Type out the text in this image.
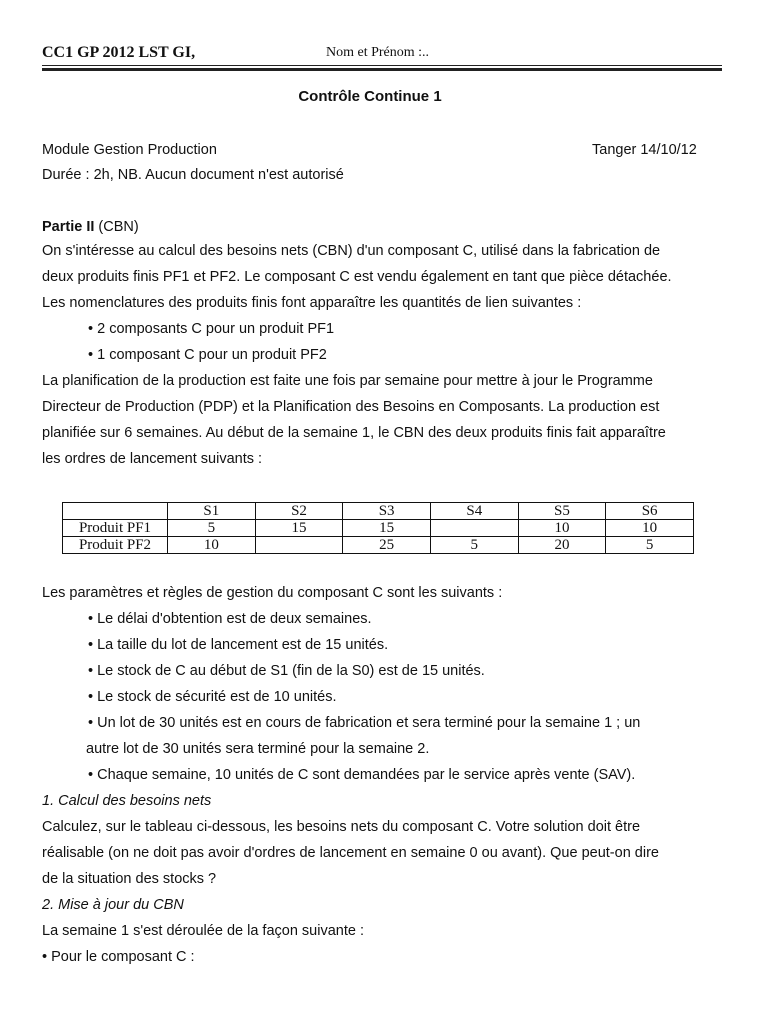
CC1 GP 2012 LST GI,	Nom et Prénom :..
Contrôle Continue 1
Module Gestion Production	Tanger 14/10/12
Durée : 2h, NB. Aucun document n'est autorisé
Partie II (CBN)

On s'intéresse au calcul des besoins nets (CBN) d'un composant C, utilisé dans la fabrication de

deux produits finis PF1 et PF2. Le composant C est vendu également en tant que pièce détachée.

Les nomenclatures des produits finis font apparaître les quantités de lien suivantes :

• 2 composants C pour un produit PF1

• 1 composant C pour un produit PF2

La planification de la production est faite une fois par semaine pour mettre à jour le Programme

Directeur de Production (PDP) et la Planification des Besoins en Composants. La production est

planifiée sur 6 semaines. Au début de la semaine 1, le CBN des deux produits finis fait apparaître

les ordres de lancement suivants :

	S1	S2	S3	S4	S5	S6
Produit PF1	5	15	15		10	10
Produit PF2	10		25	5	20	5

Les paramètres et règles de gestion du composant C sont les suivants :

• Le délai d'obtention est de deux semaines.

• La taille du lot de lancement est de 15 unités.

• Le stock de C au début de S1 (fin de la S0) est de 15 unités.

• Le stock de sécurité est de 10 unités.

• Un lot de 30 unités est en cours de fabrication et sera terminé pour la semaine 1 ; un

autre lot de 30 unités sera terminé pour la semaine 2.

• Chaque semaine, 10 unités de C sont demandées par le service après vente (SAV).

1. Calcul des besoins nets

Calculez, sur le tableau ci-dessous, les besoins nets du composant C. Votre solution doit être

réalisable (on ne doit pas avoir d'ordres de lancement en semaine 0 ou avant). Que peut-on dire

de la situation des stocks ?

2. Mise à jour du CBN

La semaine 1 s'est déroulée de la façon suivante :

• Pour le composant C :
